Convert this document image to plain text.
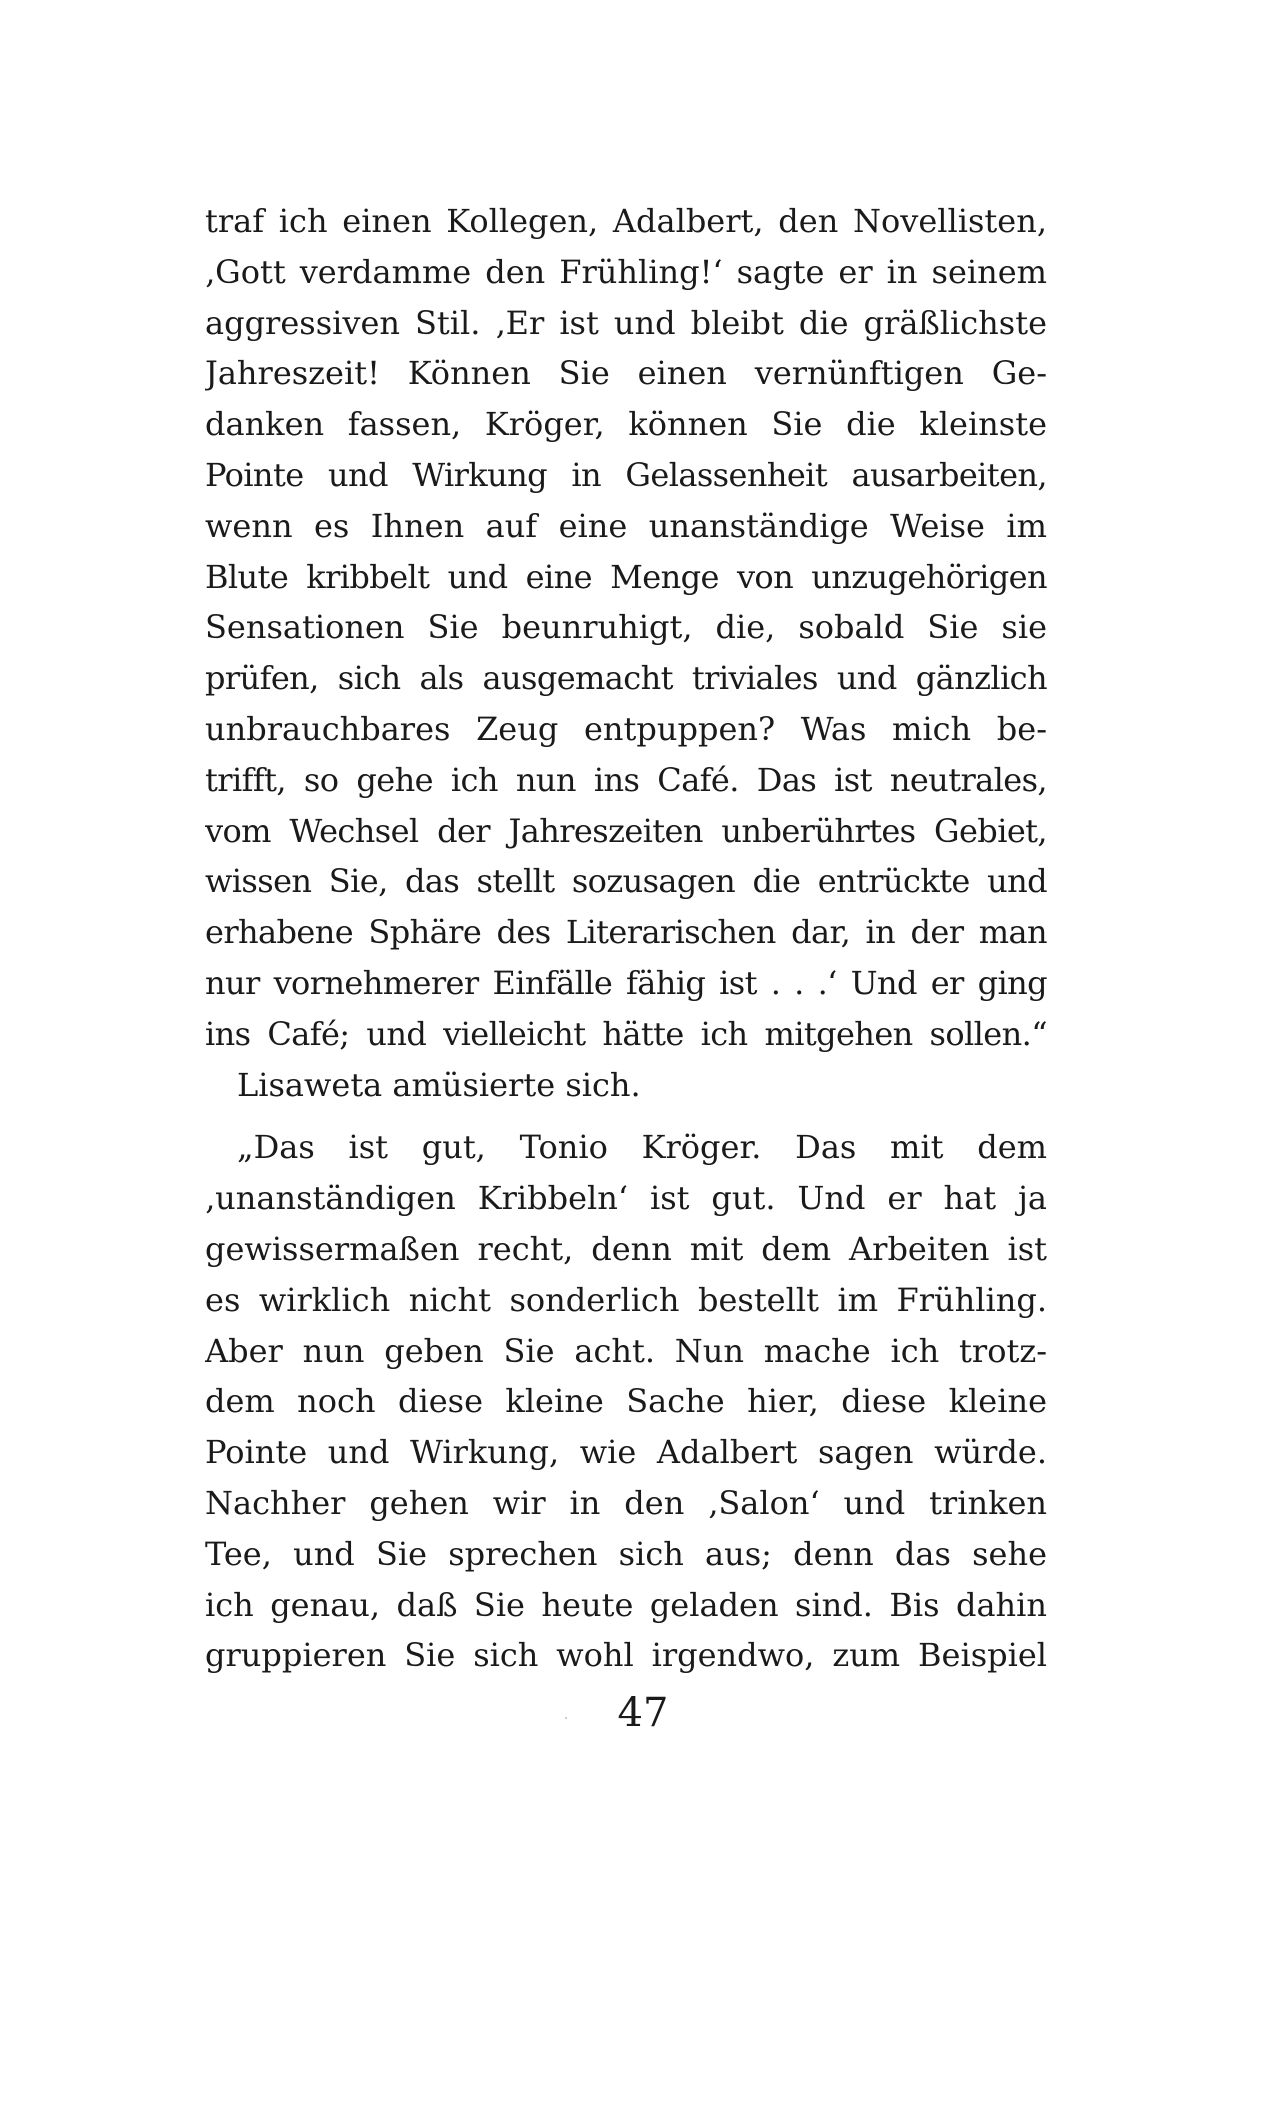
traf ich einen Kollegen, Adalbert, den Novellisten,
‚Gott verdamme den Frühling!‘ sagte er in seinem
aggressiven Stil. ‚Er ist und bleibt die gräßlichste
Jahreszeit! Können Sie einen vernünftigen Ge-
danken fassen, Kröger, können Sie die kleinste
Pointe und Wirkung in Gelassenheit ausarbeiten,
wenn es Ihnen auf eine unanständige Weise im
Blute kribbelt und eine Menge von unzugehörigen
Sensationen Sie beunruhigt, die, sobald Sie sie
prüfen, sich als ausgemacht triviales und gänzlich
unbrauchbares Zeug entpuppen? Was mich be-
trifft, so gehe ich nun ins Café. Das ist neutrales,
vom Wechsel der Jahreszeiten unberührtes Gebiet,
wissen Sie, das stellt sozusagen die entrückte und
erhabene Sphäre des Literarischen dar, in der man
nur vornehmerer Einfälle fähig ist . . .‘ Und er ging
ins Café; und vielleicht hätte ich mitgehen sollen.“
Lisaweta amüsierte sich.
„Das ist gut, Tonio Kröger. Das mit dem
‚unanständigen Kribbeln‘ ist gut. Und er hat ja
gewissermaßen recht, denn mit dem Arbeiten ist
es wirklich nicht sonderlich bestellt im Frühling.
Aber nun geben Sie acht. Nun mache ich trotz-
dem noch diese kleine Sache hier, diese kleine
Pointe und Wirkung, wie Adalbert sagen würde.
Nachher gehen wir in den ‚Salon‘ und trinken
Tee, und Sie sprechen sich aus; denn das sehe
ich genau, daß Sie heute geladen sind. Bis dahin
gruppieren Sie sich wohl irgendwo, zum Beispiel
47
